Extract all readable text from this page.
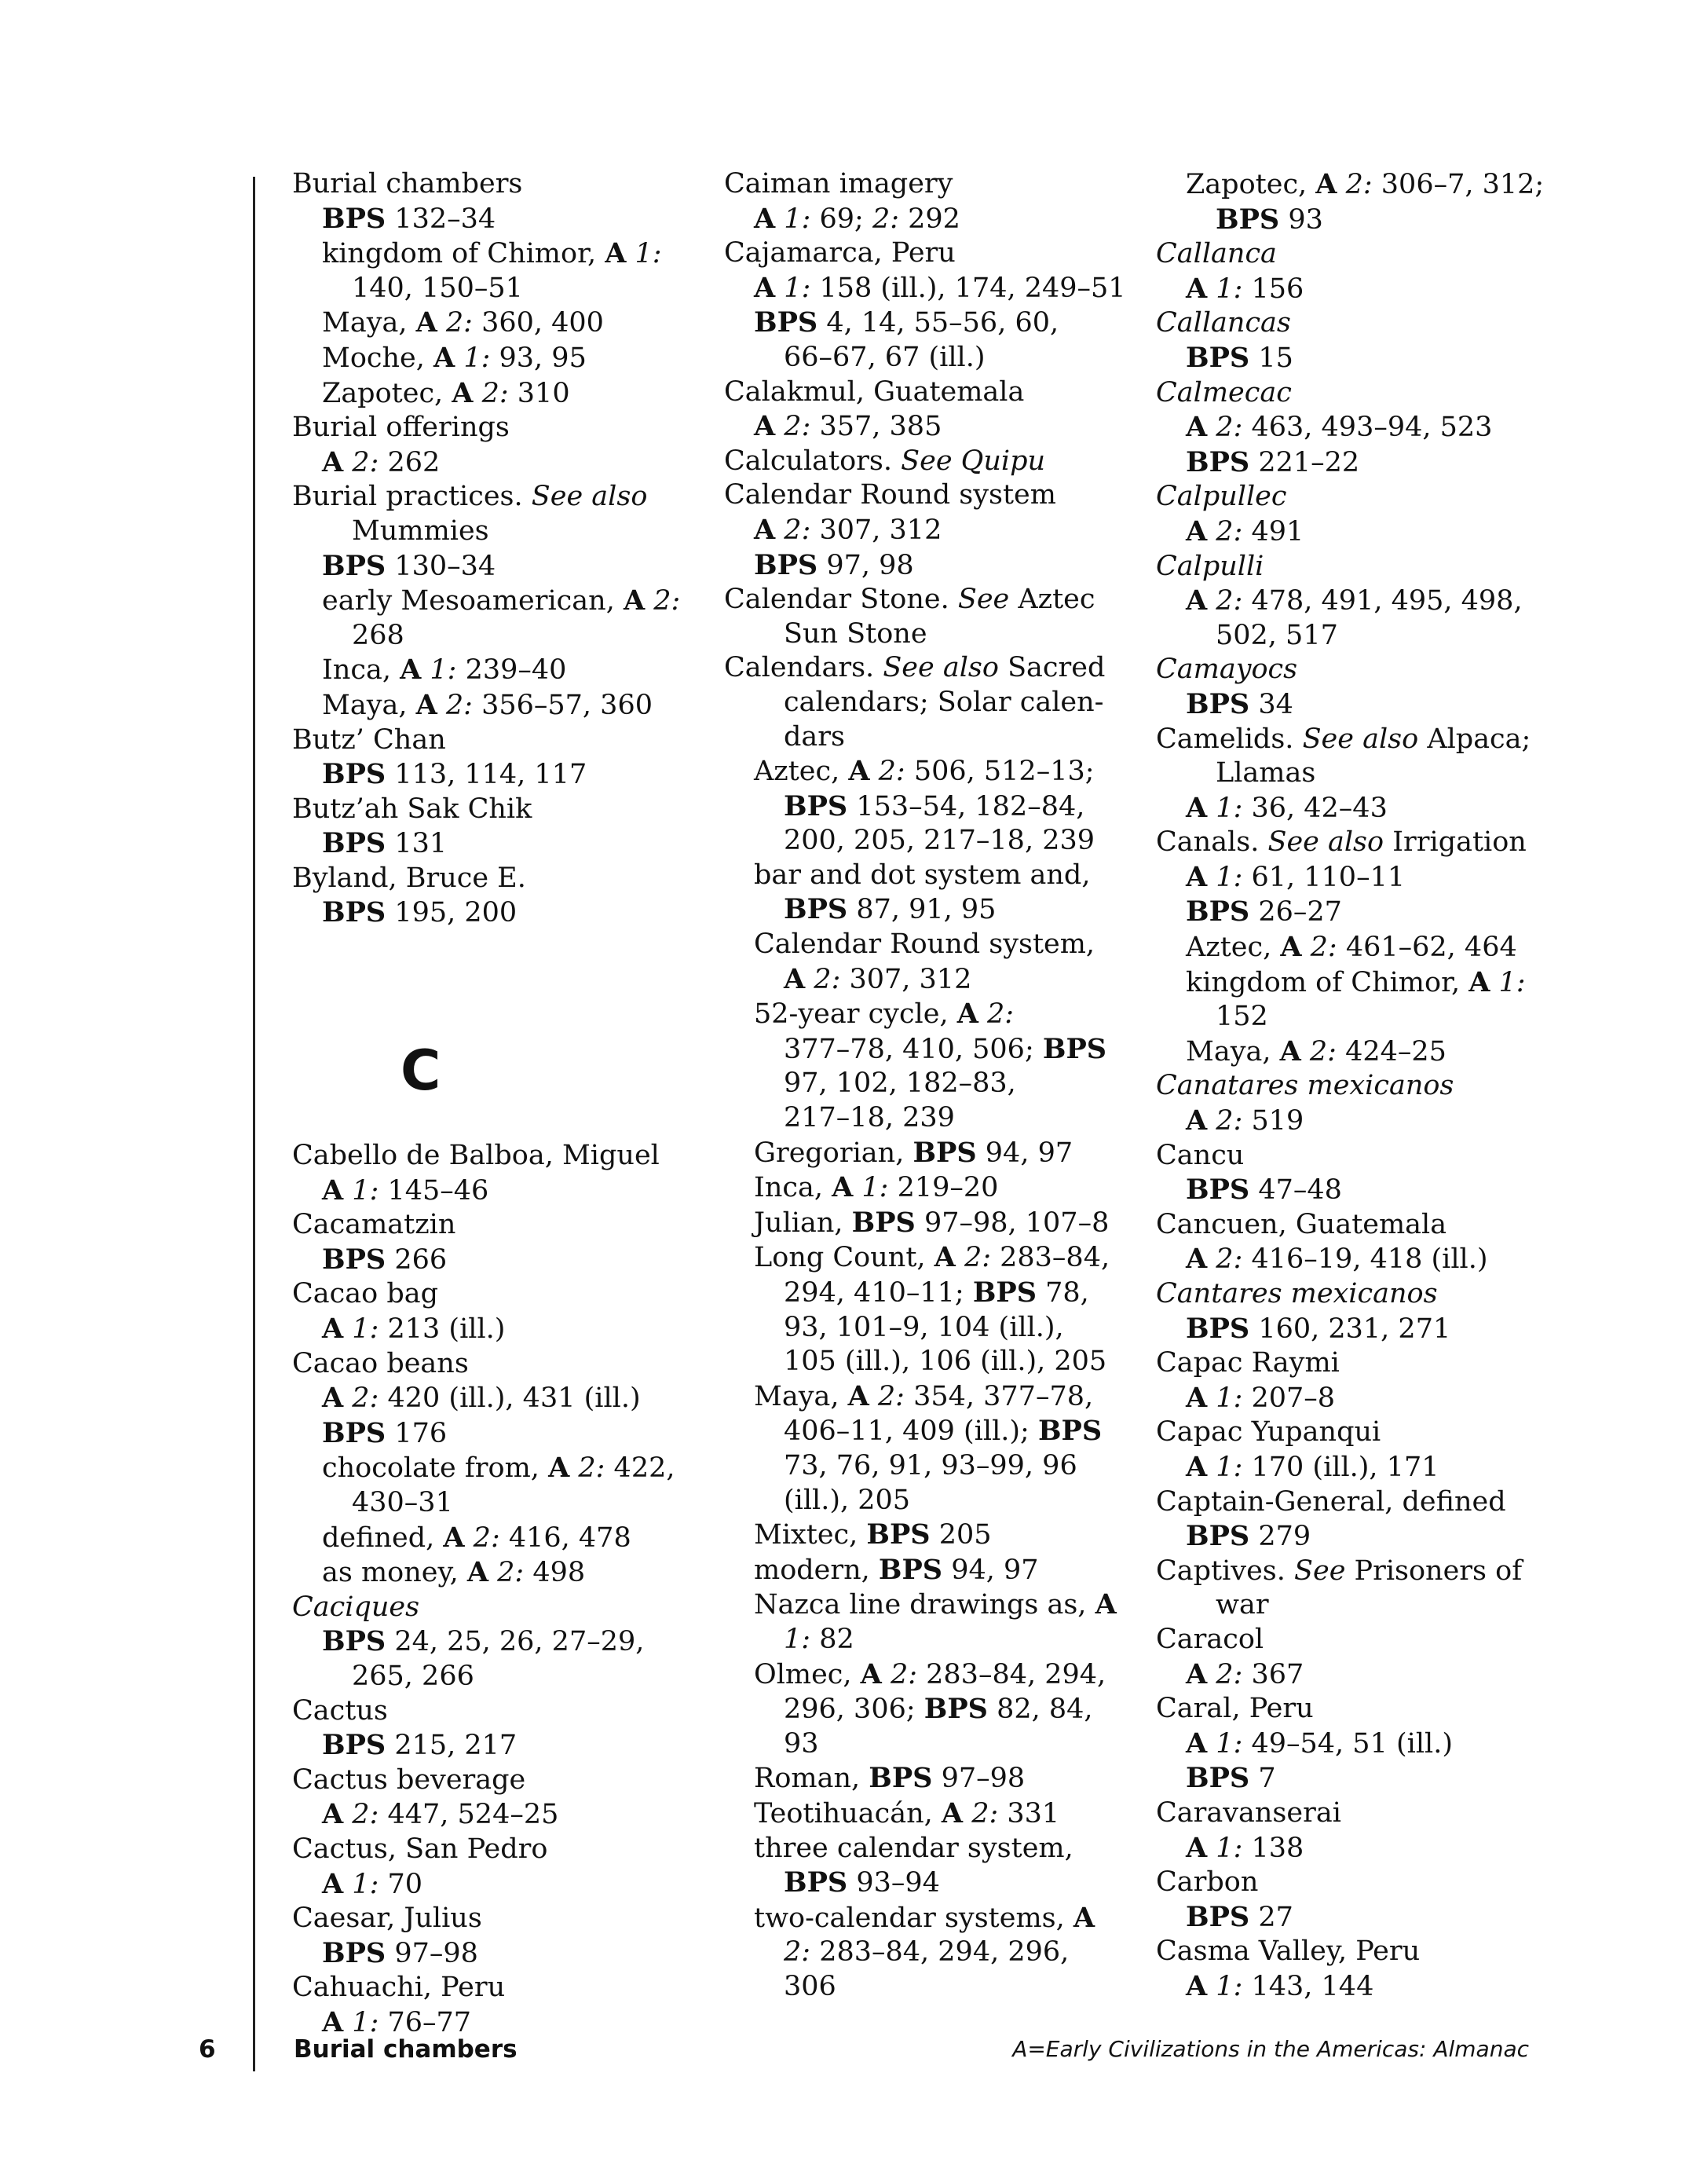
Burial chambers
BPS 132–34
kingdom of Chimor, A 1:
140, 150–51
Maya, A 2: 360, 400
Moche, A 1: 93, 95
Zapotec, A 2: 310
Burial offerings
A 2: 262
Burial practices. See also
Mummies
BPS 130–34
early Mesoamerican, A 2:
268
Inca, A 1: 239–40
Maya, A 2: 356–57, 360
Butz’ Chan
BPS 113, 114, 117
Butz’ah Sak Chik
BPS 131
Byland, Bruce E.
BPS 195, 200
C
Cabello de Balboa, Miguel
A 1: 145–46
Cacamatzin
BPS 266
Cacao bag
A 1: 213 (ill.)
Cacao beans
A 2: 420 (ill.), 431 (ill.)
BPS 176
chocolate from, A 2: 422,
430–31
defined, A 2: 416, 478
as money, A 2: 498
Caciques
BPS 24, 25, 26, 27–29,
265, 266
Cactus
BPS 215, 217
Cactus beverage
A 2: 447, 524–25
Cactus, San Pedro
A 1: 70
Caesar, Julius
BPS 97–98
Cahuachi, Peru
A 1: 76–77
Caiman imagery
A 1: 69; 2: 292
Cajamarca, Peru
A 1: 158 (ill.), 174, 249–51
BPS 4, 14, 55–56, 60,
66–67, 67 (ill.)
Calakmul, Guatemala
A 2: 357, 385
Calculators. See Quipu
Calendar Round system
A 2: 307, 312
BPS 97, 98
Calendar Stone. See Aztec
Sun Stone
Calendars. See also Sacred
calendars; Solar calen-
dars
Aztec, A 2: 506, 512–13;
BPS 153–54, 182–84,
200, 205, 217–18, 239
bar and dot system and,
BPS 87, 91, 95
Calendar Round system,
A 2: 307, 312
52-year cycle, A 2:
377–78, 410, 506; BPS
97, 102, 182–83,
217–18, 239
Gregorian, BPS 94, 97
Inca, A 1: 219–20
Julian, BPS 97–98, 107–8
Long Count, A 2: 283–84,
294, 410–11; BPS 78,
93, 101–9, 104 (ill.),
105 (ill.), 106 (ill.), 205
Maya, A 2: 354, 377–78,
406–11, 409 (ill.); BPS
73, 76, 91, 93–99, 96
(ill.), 205
Mixtec, BPS 205
modern, BPS 94, 97
Nazca line drawings as, A
1: 82
Olmec, A 2: 283–84, 294,
296, 306; BPS 82, 84,
93
Roman, BPS 97–98
Teotihuacán, A 2: 331
three calendar system,
BPS 93–94
two-calendar systems, A
2: 283–84, 294, 296,
306
Zapotec, A 2: 306–7, 312;
BPS 93
Callanca
A 1: 156
Callancas
BPS 15
Calmecac
A 2: 463, 493–94, 523
BPS 221–22
Calpullec
A 2: 491
Calpulli
A 2: 478, 491, 495, 498,
502, 517
Camayocs
BPS 34
Camelids. See also Alpaca;
Llamas
A 1: 36, 42–43
Canals. See also Irrigation
A 1: 61, 110–11
BPS 26–27
Aztec, A 2: 461–62, 464
kingdom of Chimor, A 1:
152
Maya, A 2: 424–25
Canatares mexicanos
A 2: 519
Cancu
BPS 47–48
Cancuen, Guatemala
A 2: 416–19, 418 (ill.)
Cantares mexicanos
BPS 160, 231, 271
Capac Raymi
A 1: 207–8
Capac Yupanqui
A 1: 170 (ill.), 171
Captain-General, defined
BPS 279
Captives. See Prisoners of
war
Caracol
A 2: 367
Caral, Peru
A 1: 49–54, 51 (ill.)
BPS 7
Caravanserai
A 1: 138
Carbon
BPS 27
Casma Valley, Peru
A 1: 143, 144
6	Burial chambers	A=Early Civilizations in the Americas: Almanac
